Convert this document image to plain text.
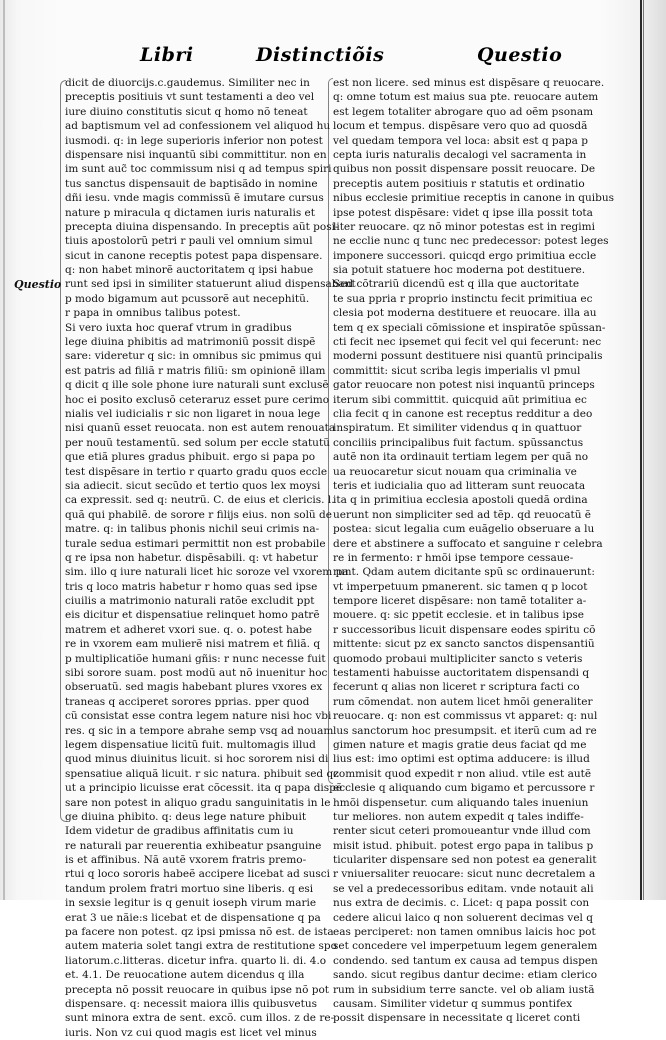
Libri	Distinctiõis	Questio
Questio
dicit de diuorcijs.c.gaudemus. Similiter nec in
preceptis positiuis vt sunt testamenti a deo vel
iure diuino constitutis sicut q homo nõ teneat
ad baptismum vel ad confessionem vel aliquod hu
iusmodi. q: in lege superioris inferior non potest
dispensare nisi inquantũ sibi committitur. non en
im sunt auc̃ toc commissum nisi q ad tempus spiri
tus sanctus dispensauit de baptisãdo in nomine
dñi iesu. vnde magis commissũ ẽ imutare cursus
nature p miracula q dictamen iuris naturalis et
precepta diuina dispensando. In preceptis aũt posi-
tiuis apostolorũ petri r pauli vel omnium simul
sicut in canone receptis potest papa dispensare.
q: non habet minorẽ auctoritatem q ipsi habue
runt sed ipsi in similiter statuerunt aliud dispensabant
p modo bigamum aut pcussorẽ aut necephitũ.
r papa in omnibus talibus potest.
Si vero iuxta hoc queraf vtrum in gradibus
lege diuina phibitis ad matrimoniũ possit dispẽ
sare: videretur q sic: in omnibus sic pmimus qui
est patris ad filiã r matris filiũ: sm opinionẽ illam
q dicit q ille sole phone iure naturali sunt exclusẽ
hoc ei posito exclusõ ceteraruz esset pure cerimo
nialis vel iudicialis r sic non ligaret in noua lege
nisi quanũ esset reuocata. non est autem renouata
per nouũ testamentũ. sed solum per eccle statutũ
que etiã plures gradus phibuit. ergo si papa po
test dispẽsare in tertio r quarto gradu quos eccle
sia adiecit. sicut secũdo et tertio quos lex moysi
ca expressit. sed q: neutrũ. C. de eius et clericis. l.
quã qui phabilẽ. de sorore r filijs eius. non solũ de
matre. q: in talibus phonis nichil seui crimis na-
turale sedua estimari permittit non est probabile
q re ipsa non habetur. dispẽsabili. q: vt habetur
sim. illo q iure naturali licet hic soroze vel vxorem pa
tris q loco matris habetur r homo quas sed ipse
ciuilis a matrimonio naturali ratõe excludit ppt
eis dicitur et dispensatiue relinquet homo patrẽ
matrem et adheret vxori sue. q. o. potest habe
re in vxorem eam mulierẽ nisi matrem et filiã. q
p multiplicatiõe humani gñis: r nunc necesse fuit
sibi sorore suam. post modũ aut nõ inuenitur hoc
obseruatũ. sed magis habebant plures vxores ex
traneas q acciperet sorores pprias. pper quod
cũ consistat esse contra legem nature nisi hoc vbi
res. q sic in a tempore abrahe semp vsq ad nouam
legem dispensatiue licitũ fuit. multomagis illud
quod minus diuinitus licuit. si hoc sororem nisi di
spensatiue aliquã licuit. r sic natura. phibuit sed qz
ut a principio licuisse erat cõcessit. ita q papa dispẽ
sare non potest in aliquo gradu sanguinitatis in le
ge diuina phibito. q: deus lege nature phibuit
Idem videtur de gradibus affinitatis cum iu
re naturali par reuerentia exhibeatur psanguine
is et affinibus. Nã autẽ vxorem fratris premo-
rtui q loco sororis habeẽ accipere licebat ad susci
tandum prolem fratri mortuo sine liberis. q esi
in sexsie legitur is q genuit ioseph virum marie
erat 3 ue nãie:s licebat et de dispensatione q pa
pa facere non potest. qz ipsi pmissa nõ est. de ista
autem materia solet tangi extra de restitutione spo
liatorum.c.litteras. dicetur infra. quarto li. di. 4.o
et. 4.1. De reuocatione autem dicendus q illa
precepta nõ possit reuocare in quibus ipse nõ pot
dispensare. q: necessit maiora illis quibusvetus
sunt minora extra de sent. excõ. cum illos. z de re-
iuris. Non vz cui quod magis est licet vel minus
est non licere. sed minus est dispẽsare q reuocare.
q: omne totum est maius sua pte. reuocare autem
est legem totaliter abrogare quo ad oẽm psonam
locum et tempus. dispẽsare vero quo ad quosdã
vel quedam tempora vel loca: absit est q papa p
cepta iuris naturalis decalogi vel sacramenta in
quibus non possit dispensare possit reuocare. De
preceptis autem positiuis r statutis et ordinatio
nibus ecclesie primitiue receptis in canone in quibus
ipse potest dispẽsare: videt q ipse illa possit tota
liter reuocare. qz nõ minor potestas est in regimi
ne ecclie nunc q tunc nec predecessor: potest leges
imponere successori. quicqd ergo primitiua eccle
sia potuit statuere hoc moderna pot destituere.
Sed cõtrariũ dicendũ est q illa que auctoritate
te sua ppria r proprio instinctu fecit primitiua ec
clesia pot moderna destituere et reuocare. illa au
tem q ex speciali cõmissione et inspiratõe spũssan-
cti fecit nec ipsemet qui fecit vel qui fecerunt: nec
moderni possunt destituere nisi quantũ principalis
committit: sicut scriba legis imperialis vl pmul
gator reuocare non potest nisi inquantũ princeps
iterum sibi committit. quicquid aũt primitiua ec
clia fecit q in canone est receptus redditur a deo
inspiratum. Et similiter videndus q in quattuor
conciliis principalibus fuit factum. spũssanctus
autẽ non ita ordinauit tertiam legem per quã no
ua reuocaretur sicut nouam qua criminalia ve
teris et iudicialia quo ad litteram sunt reuocata
ita q in primitiua ecclesia apostoli quedã ordina
uerunt non simpliciter sed ad tẽp. qd reuocatũ ẽ
postea: sicut legalia cum euãgelio obseruare a lu
dere et abstinere a suffocato et sanguine r celebra
re in fermento: r hmõi ipse tempore cessaue-
runt. Qdam autem dicitante spũ sc ordinauerunt:
vt imperpetuum pmanerent. sic tamen q p locot
tempore liceret dispẽsare: non tamẽ totaliter a-
mouere. q: sic ppetit ecclesie. et in talibus ipse
r successoribus licuit dispensare eodes spiritu cõ
mittente: sicut pz ex sancto sanctos dispensantiũ
quomodo probaui multipliciter sancto s veteris
testamenti habuisse auctoritatem dispensandi q
fecerunt q alias non liceret r scriptura facti co
rum cõmendat. non autem licet hmõi generaliter
reuocare. q: non est commissus vt apparet: q: nul
lus sanctorum hoc presumpsit. et iterũ cum ad re
gimen nature et magis gratie deus faciat qd me
lius est: imo optimi est optima adducere: is illud
commisit quod expedit r non aliud. vtile est autẽ
ecclesie q aliquando cum bigamo et percussore r
hmõi dispensetur. cum aliquando tales inueniun
tur meliores. non autem expedit q tales indiffe-
renter sicut ceteri promoueantur vnde illud com
misit istud. phibuit. potest ergo papa in talibus p
ticulariter dispensare sed non potest ea generalit
r vniuersaliter reuocare: sicut nunc decretalem a
se vel a predecessoribus editam. vnde notauit ali
nus extra de decimis. c. Licet: q papa possit con
cedere alicui laico q non soluerent decimas vel q
eas perciperet: non tamen omnibus laicis hoc pot
set concedere vel imperpetuum legem generalem
condendo. sed tantum ex causa ad tempus dispen
sando. sicut regibus dantur decime: etiam clerico
rum in subsidium terre sancte. vel ob aliam iustã
causam. Similiter videtur q summus pontifex
possit dispensare in necessitate q liceret conti
